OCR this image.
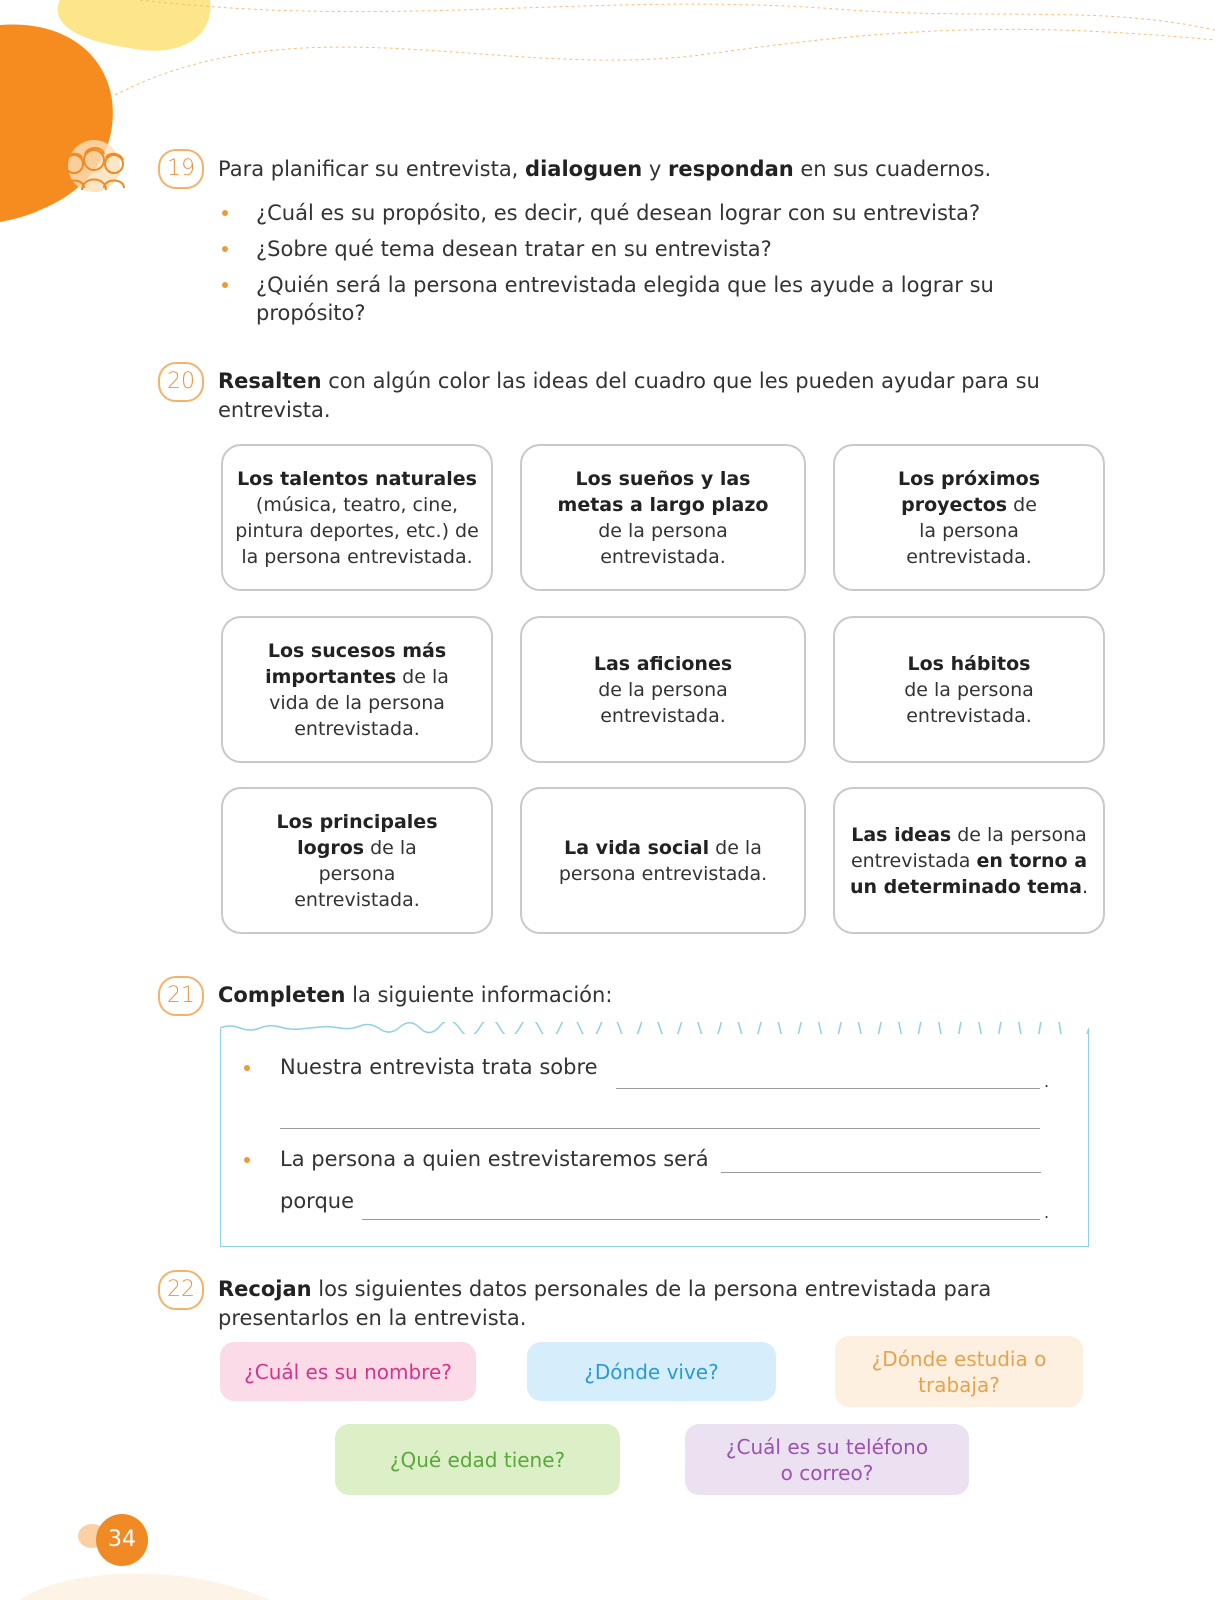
19	Para planificar su entrevista, dialoguen y respondan en sus cuadernos.
¿Cuál es su propósito, es decir, qué desean lograr con su entrevista?
¿Sobre qué tema desean tratar en su entrevista?
¿Quién será la persona entrevistada elegida que les ayude a lograr su propósito?
20	Resalten con algún color las ideas del cuadro que les pueden ayudar para su entrevista.
Los talentos naturales (música, teatro, cine, pintura deportes, etc.) de la persona entrevistada.
Los sueños y las metas a largo plazo de la persona entrevistada.
Los próximos proyectos de la persona entrevistada.
Los sucesos más importantes de la vida de la persona entrevistada.
Las aficiones de la persona entrevistada.
Los hábitos de la persona entrevistada.
Los principales logros de la persona entrevistada.
La vida social de la persona entrevistada.
Las ideas de la persona entrevistada en torno a un determinado tema.
21	Completen la siguiente información:
Nuestra entrevista trata sobre
.
La persona a quien estrevistaremos será
porque	.
22	Recojan los siguientes datos personales de la persona entrevistada para presentarlos en la entrevista.
¿Cuál es su nombre?	¿Dónde vive?
¿Dónde estudia o trabaja?
¿Qué edad tiene?
¿Cuál es su teléfono o correo?
34
